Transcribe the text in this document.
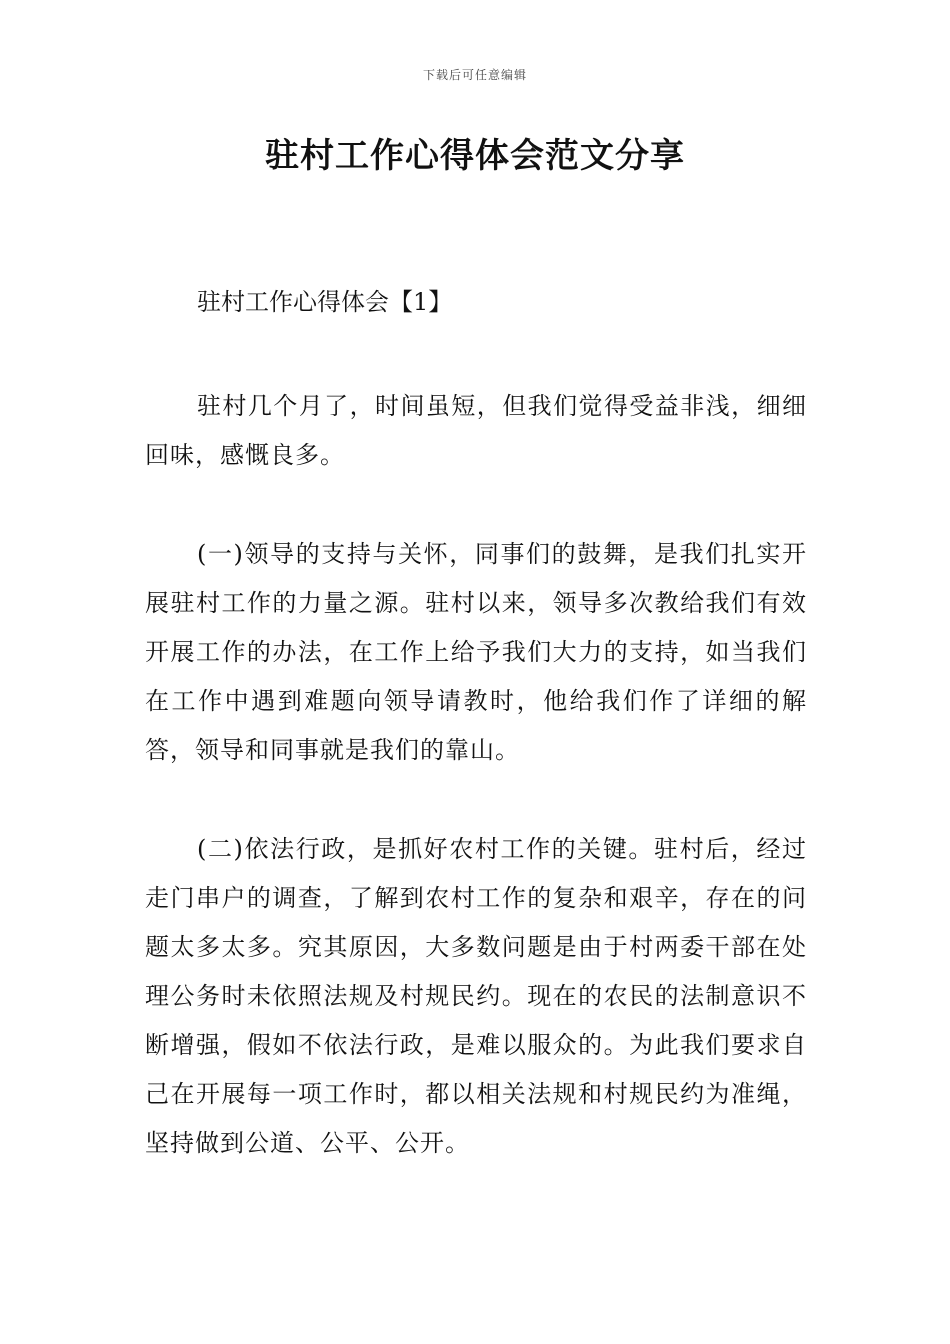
下载后可任意编辑
驻村工作心得体会范文分享

驻村工作心得体会【1】

驻村几个月了，时间虽短，但我们觉得受益非浅，细细回味，感慨良多。

(一)领导的支持与关怀，同事们的鼓舞，是我们扎实开展驻村工作的力量之源。驻村以来，领导多次教给我们有效开展工作的办法，在工作上给予我们大力的支持，如当我们在工作中遇到难题向领导请教时，他给我们作了详细的解答，领导和同事就是我们的靠山。

(二)依法行政，是抓好农村工作的关键。驻村后，经过走门串户的调查，了解到农村工作的复杂和艰辛，存在的问题太多太多。究其原因，大多数问题是由于村两委干部在处理公务时未依照法规及村规民约。现在的农民的法制意识不断增强，假如不依法行政，是难以服众的。为此我们要求自己在开展每一项工作时，都以相关法规和村规民约为准绳，坚持做到公道、公平、公开。
